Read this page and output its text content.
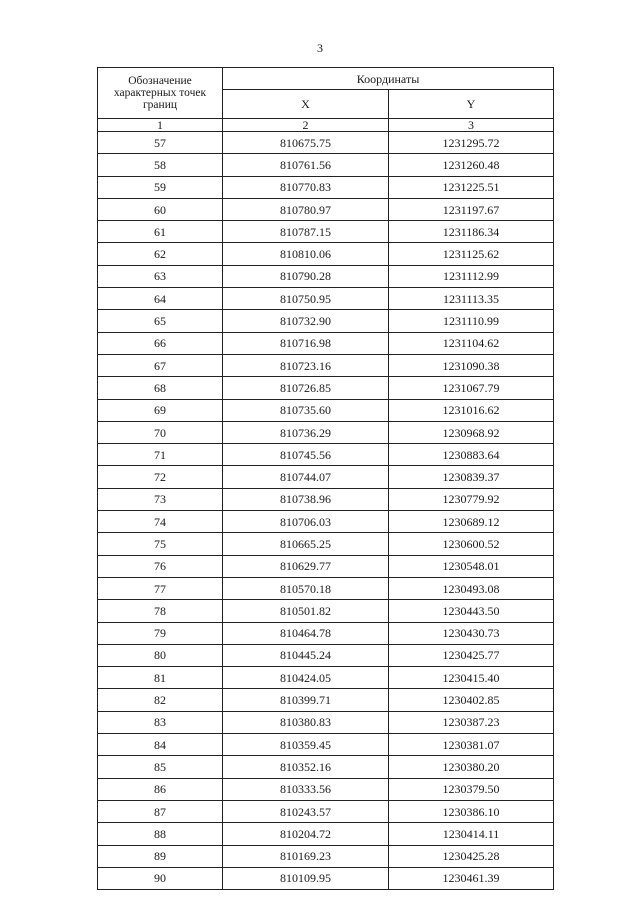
3
Обозначение характерных точек границ	Координаты	
	X	Y
1	2	3
57	810675.75	1231295.72
58	810761.56	1231260.48
59	810770.83	1231225.51
60	810780.97	1231197.67
61	810787.15	1231186.34
62	810810.06	1231125.62
63	810790.28	1231112.99
64	810750.95	1231113.35
65	810732.90	1231110.99
66	810716.98	1231104.62
67	810723.16	1231090.38
68	810726.85	1231067.79
69	810735.60	1231016.62
70	810736.29	1230968.92
71	810745.56	1230883.64
72	810744.07	1230839.37
73	810738.96	1230779.92
74	810706.03	1230689.12
75	810665.25	1230600.52
76	810629.77	1230548.01
77	810570.18	1230493.08
78	810501.82	1230443.50
79	810464.78	1230430.73
80	810445.24	1230425.77
81	810424.05	1230415.40
82	810399.71	1230402.85
83	810380.83	1230387.23
84	810359.45	1230381.07
85	810352.16	1230380.20
86	810333.56	1230379.50
87	810243.57	1230386.10
88	810204.72	1230414.11
89	810169.23	1230425.28
90	810109.95	1230461.39
